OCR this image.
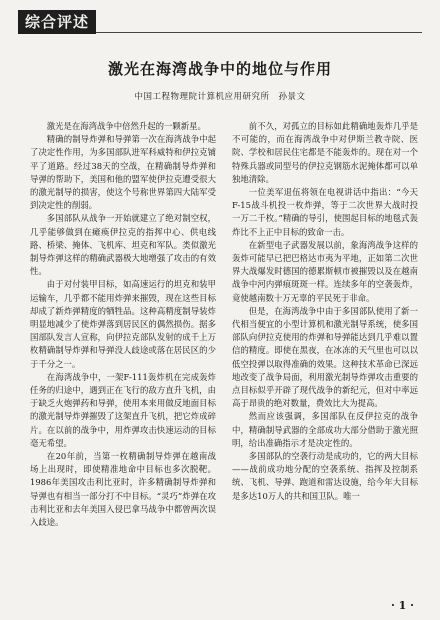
综合评述
激光在海湾战争中的地位与作用
中国工程物理院计算机应用研究所　孙景文

激光是在海湾战争中倍然升起的一颗新星。

精确的制导炸弹和导弹第一次在海湾战争中起了决定性作用，为多国部队进军科威特和伊拉克铺平了道路。经过38天的空战，在精确制导炸弹和导弹的帮助下，美国和他的盟军使伊拉克遭受很大的激光制导的损害，使这个号称世界第四大陆军受到决定性的削弱。

多国部队从战争一开始就建立了绝对制空权，几乎能够做到在瘫痪伊拉克的指挥中心、供电线路、桥梁、掩体、飞机库、坦克和军队。类似激光制导炸弹这样的精确武器极大地增强了攻击的有效性。

由于对付装甲目标，如高速运行的坦克和装甲运输车，几乎都不能用炸弹来摧毁，现在这些目标却成了新炸弹精度的牺牲品。这种高精度制导装炸明显地减少了使炸弹落到居民区的偶然损伤。据多国部队发言人宣称，向伊拉克部队发射的成千上万枚精确制导炸弹和导弹没人歧途或落在居民区的少于千分之一。

在海湾战争中，一架F-111轰炸机在完成轰炸任务的归途中，遇到正在飞行的敌方直升飞机，由于缺乏火炮弹药和导弹，使用本来用做反地面目标的激光制导炸弹摧毁了这架直升飞机，把它炸成碎片。在以前的战争中，用炸弹攻击快速运动的目标毫无希望。

在20年前，当第一枚精确制导炸弹在越南战场上出现时，即使精准地命中目标也多次脱靶。1986年美国攻击利比亚时，许多精确制导炸弹和导弹也有相当一部分打不中目标。“灵巧”炸弹在攻击利比亚和去年美国入侵巴拿马战争中都曾两次误入歧途。

前不久，对孤立的目标如此精确地轰炸几乎是不可能的，而在海湾战争中对伊斯兰教寺院、医院、学校和居民住宅都是不能轰炸的。现在对一个特殊兵器或同型号的伊拉克钢筋水泥掩体都可以单独地清除。

一位美军退伍将领在电视讲话中指出：“今天F-15战斗机投一枚炸弹，等于二次世界大战时投一万二千枚。”精确的导引，使围起目标的地毯式轰炸比不上正中目标的致命一击。

在新型电子武器发展以前，象海湾战争这样的轰炸可能早已把巴格达市夷为平地，正如第二次世界大战爆发时德国的德累斯顿市被摧毁以及在越南战争中河内弹痕斑斑一样。连续多年的空袭轰炸，竟使越南数十万无辜的平民死于非命。

但是，在海湾战争中由于多国部队使用了新一代相当便宜的小型计算机和激光制导系统，使多国部队向伊拉克使用的炸弹和导弹能达到几乎难以置信的精度。即使在黑夜，在冰冻的天气里也可以以低空投弹以取得准确的效果。这种技术革命已深远地改变了战争局面，利用激光制导炸弹攻击重要的点目标似乎开辟了现代战争的新纪元，但对中率远高于昂贵的绝对数量，费效比大为提高。

然而应该强调，多国部队在反伊拉克的战争中，精确制导武器的全部成功大部分借助于激光照明，给出准确指示才是决定性的。

多国部队的空袭行动是成功的，它的两大目标——战前成功地分配的空袭系统、指挥及控制系统、飞机、导弹、跑道和雷达设施，给今年大目标是多达10万人的共和国卫队。唯一

· 1 ·
